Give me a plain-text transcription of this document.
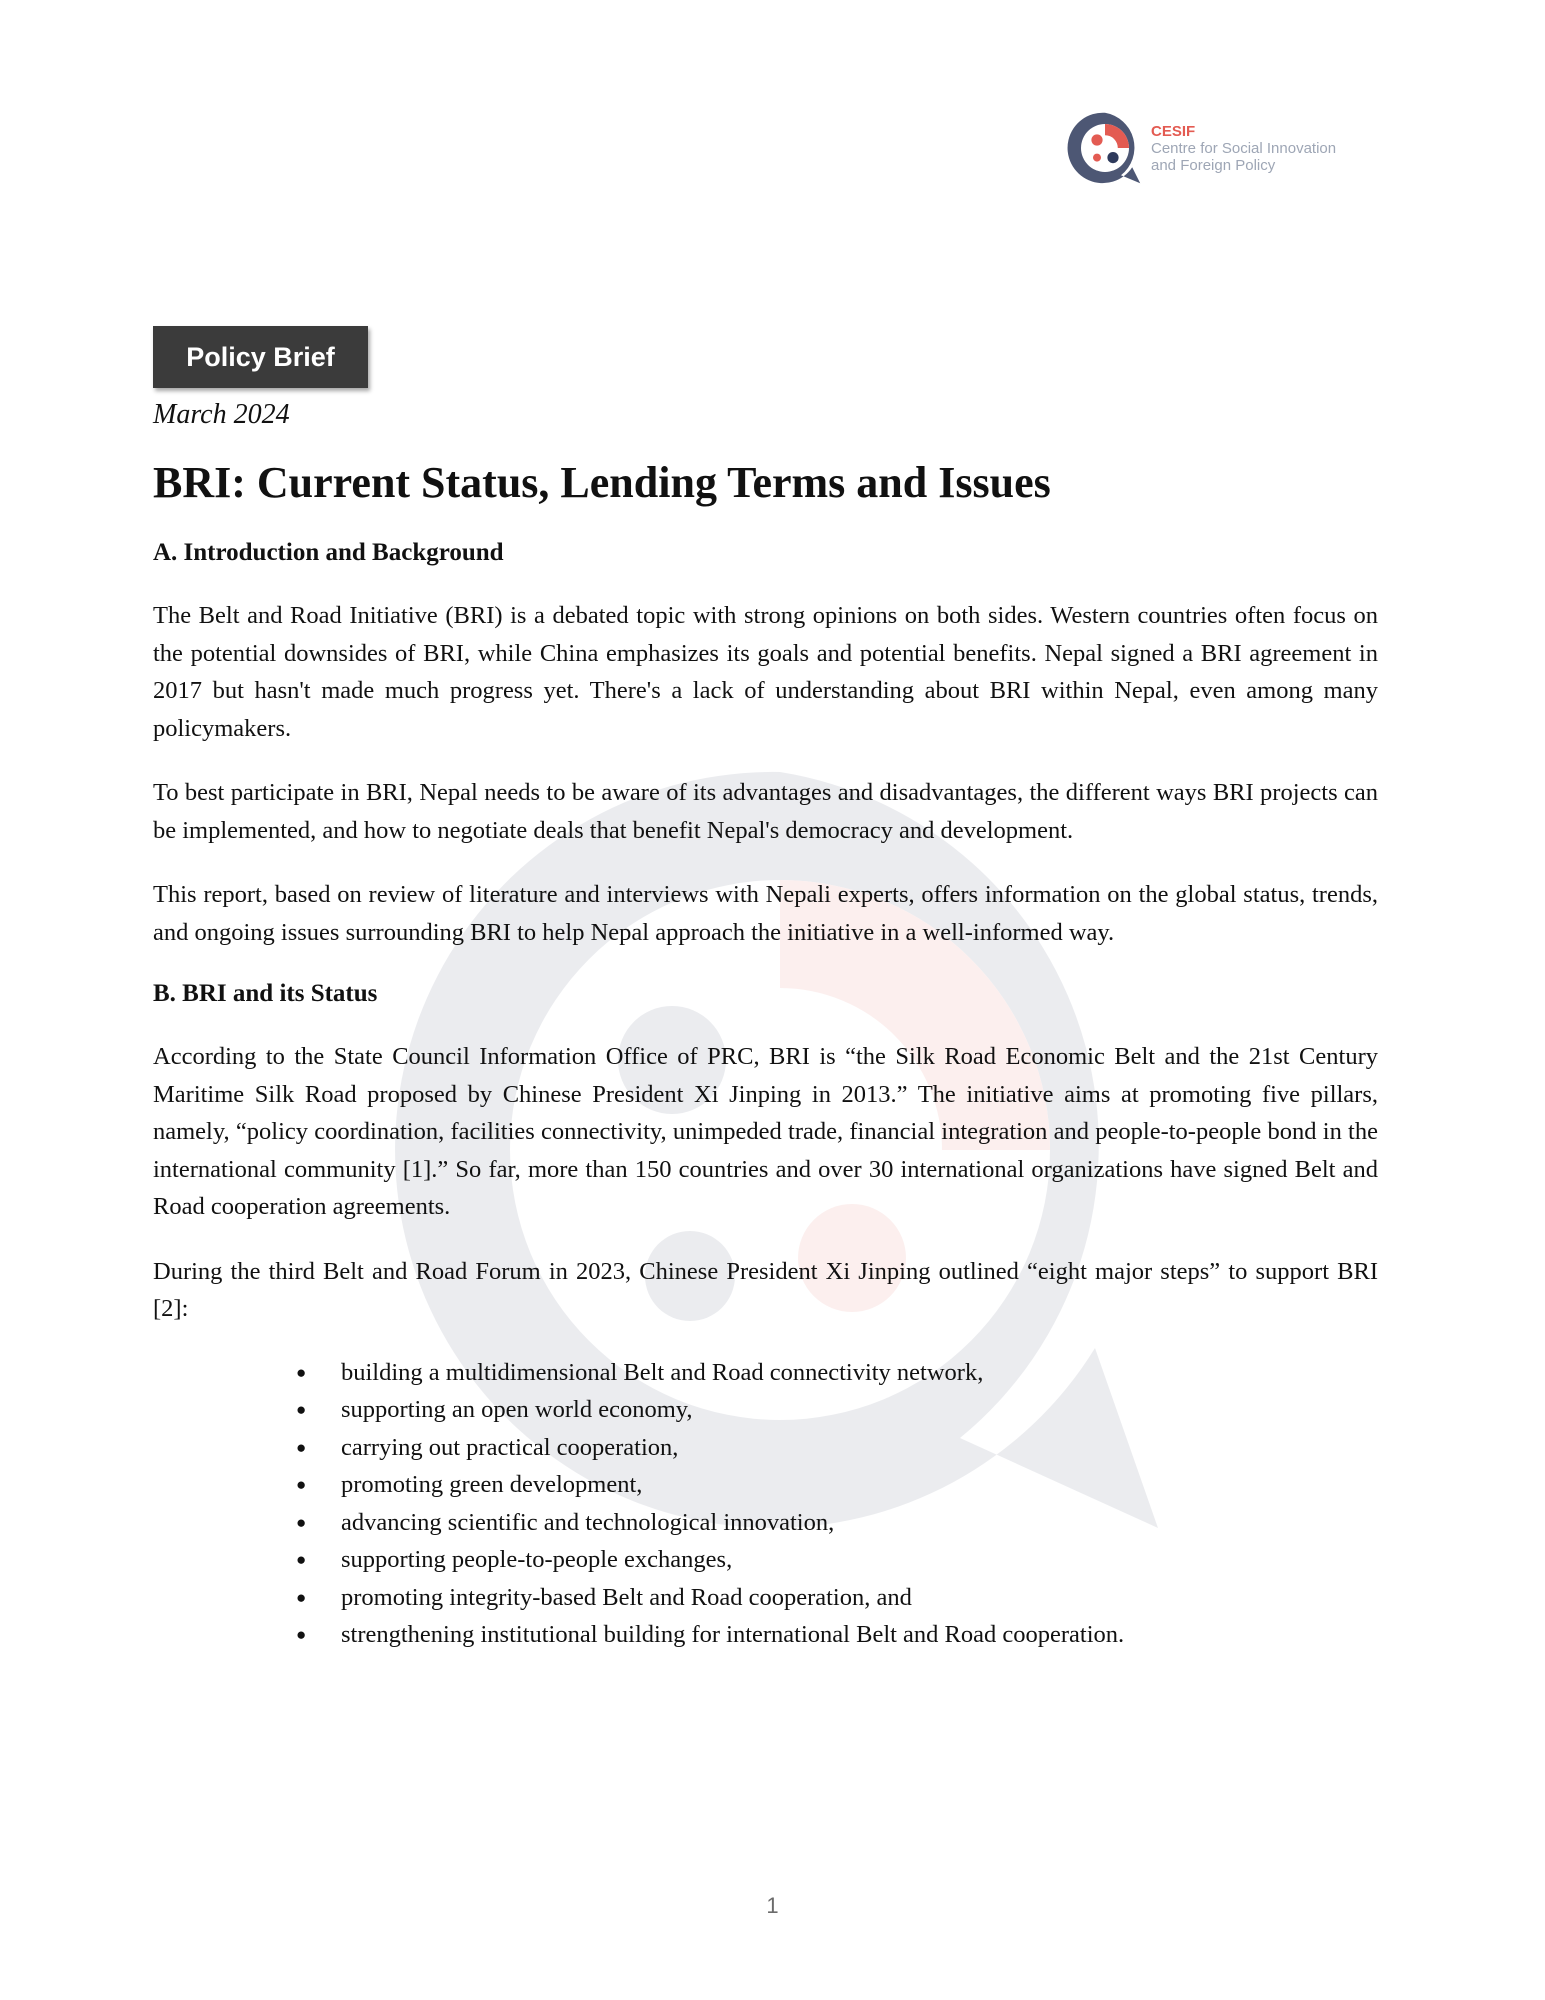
CESIF
Centre for Social Innovation
and Foreign Policy
Policy Brief

March 2024

BRI: Current Status, Lending Terms and Issues
A. Introduction and Background

The Belt and Road Initiative (BRI) is a debated topic with strong opinions on both sides. Western countries often focus on the potential downsides of BRI, while China emphasizes its goals and potential benefits. Nepal signed a BRI agreement in 2017 but hasn't made much progress yet. There's a lack of understanding about BRI within Nepal, even among many policymakers.

To best participate in BRI, Nepal needs to be aware of its advantages and disadvantages, the different ways BRI projects can be implemented, and how to negotiate deals that benefit Nepal's democracy and development.

This report, based on review of literature and interviews with Nepali experts, offers information on the global status, trends, and ongoing issues surrounding BRI to help Nepal approach the initiative in a well-informed way.

B. BRI and its Status

According to the State Council Information Office of PRC, BRI is “the Silk Road Economic Belt and the 21st Century Maritime Silk Road proposed by Chinese President Xi Jinping in 2013.” The initiative aims at promoting five pillars, namely, “policy coordination, facilities connectivity, unimpeded trade, financial integration and people-to-people bond in the international community [1].” So far, more than 150 countries and over 30 international organizations have signed Belt and Road cooperation agreements.

During the third Belt and Road Forum in 2023, Chinese President Xi Jinping outlined “eight major steps” to support BRI [2]:

● building a multidimensional Belt and Road connectivity network,
● supporting an open world economy,
● carrying out practical cooperation,
● promoting green development,
● advancing scientific and technological innovation,
● supporting people-to-people exchanges,
● promoting integrity-based Belt and Road cooperation, and
● strengthening institutional building for international Belt and Road cooperation.
1
